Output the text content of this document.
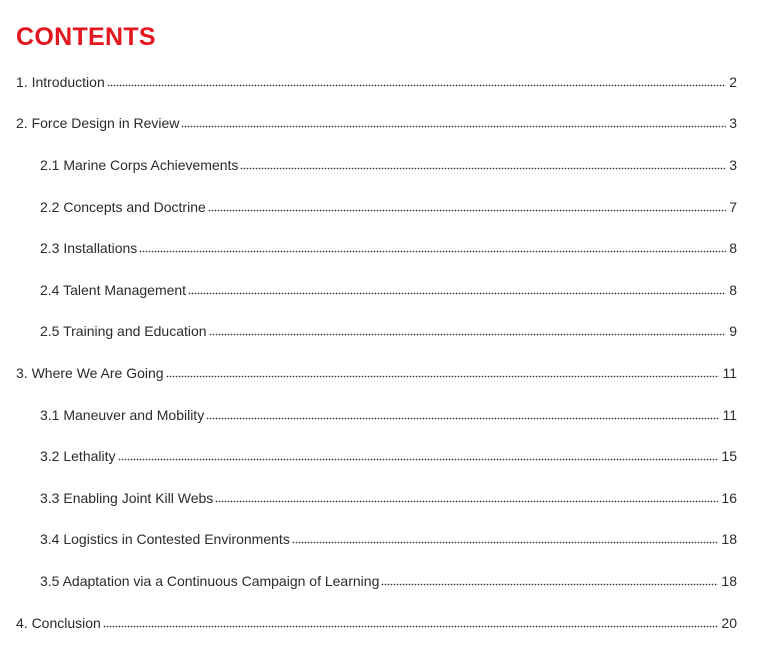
CONTENTS
1. Introduction	2
2. Force Design in Review	3
2.1 Marine Corps Achievements	3
2.2 Concepts and Doctrine	7
2.3 Installations	8
2.4 Talent Management	8
2.5 Training and Education	9
3. Where We Are Going	11
3.1 Maneuver and Mobility	11
3.2 Lethality	15
3.3 Enabling Joint Kill Webs	16
3.4 Logistics in Contested Environments	18
3.5 Adaptation via a Continuous Campaign of Learning	18
4. Conclusion	20
